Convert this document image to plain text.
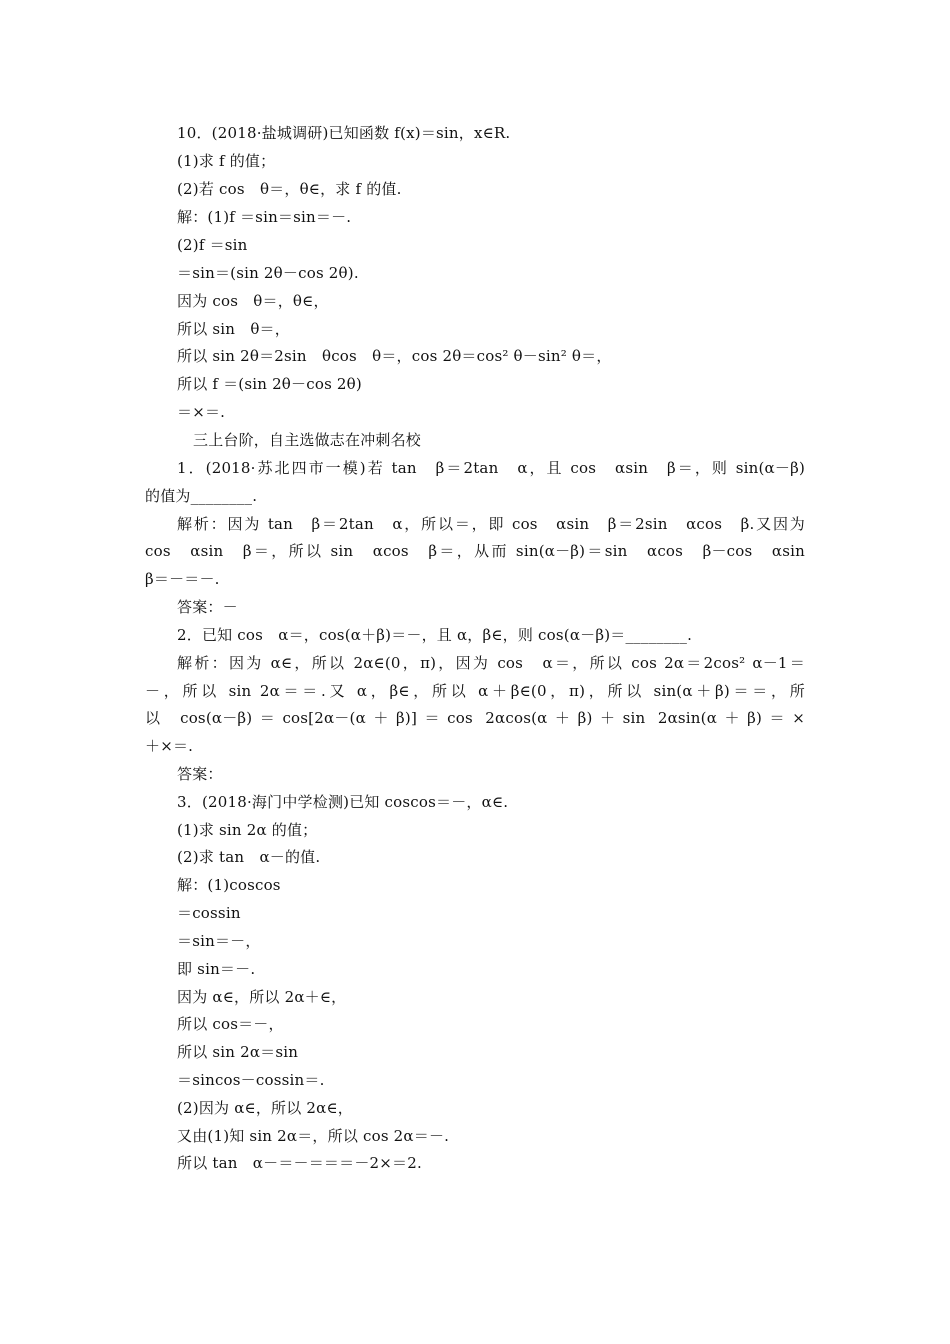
10．(2018·盐城调研)已知函数 f(x)＝sin，x∈R.
(1)求 f 的值；
(2)若 cos　θ＝，θ∈，求 f 的值.
解：(1)f ＝sin＝sin＝－.
(2)f ＝sin
＝sin＝(sin 2θ－cos 2θ).
因为 cos　θ＝，θ∈，
所以 sin　θ＝，
所以 sin 2θ＝2sin　θcos　θ＝，cos 2θ＝cos² θ－sin² θ＝，
所以 f ＝(sin 2θ－cos 2θ)
＝×＝.
三上台阶，自主选做志在冲刺名校
1．(2018·苏北四市一模)若 tan　β＝2tan　α，且 cos　αsin　β＝，则 sin(α－β)
的值为________.
解析：因为 tan　β＝2tan　α，所以＝，即 cos　αsin　β＝2sin　αcos　β.又因为
cos　αsin　β＝，所以 sin　αcos　β＝，从而 sin(α－β)＝sin　αcos　β－cos　αsin
β＝－＝－.
答案：－
2．已知 cos　α＝，cos(α＋β)＝－，且 α，β∈，则 cos(α－β)＝________.
解析：因为 α∈，所以 2α∈(0，π)，因为 cos　α＝，所以 cos 2α＝2cos² α－1＝
－，所以 sin 2α＝＝.又 α，β∈，所以 α＋β∈(0，π)，所以 sin(α＋β)＝＝，所
以 cos(α－β)＝cos[2α－(α＋β)]＝cos 2αcos(α＋β)＋sin 2αsin(α＋β)＝×
＋×＝.
答案：
3．(2018·海门中学检测)已知 coscos＝－，α∈.
(1)求 sin 2α 的值；
(2)求 tan　α－的值.
解：(1)coscos
＝cossin
＝sin＝－，
即 sin＝－.
因为 α∈，所以 2α＋∈，
所以 cos＝－，
所以 sin 2α＝sin
＝sincos－cossin＝.
(2)因为 α∈，所以 2α∈，
又由(1)知 sin 2α＝，所以 cos 2α＝－.
所以 tan　α－＝－＝＝＝－2×＝2.
